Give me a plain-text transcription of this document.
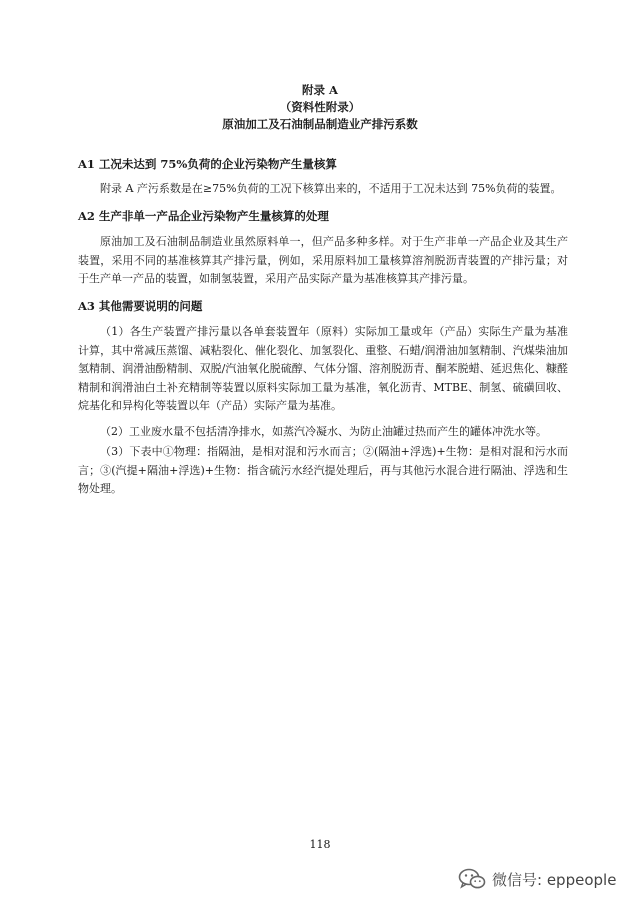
附录 A
（资料性附录）
原油加工及石油制品制造业产排污系数
A1 工况未达到 75%负荷的企业污染物产生量核算

附录 A 产污系数是在≥75%负荷的工况下核算出来的，不适用于工况未达到 75%负荷的装置。

A2 生产非单一产品企业污染物产生量核算的处理

原油加工及石油制品制造业虽然原料单一，但产品多种多样。对于生产非单一产品企业及其生产装置，采用不同的基准核算其产排污量，例如，采用原料加工量核算溶剂脱沥青装置的产排污量；对于生产单一产品的装置，如制氢装置，采用产品实际产量为基准核算其产排污量。

A3 其他需要说明的问题

（1）各生产装置产排污量以各单套装置年（原料）实际加工量或年（产品）实际生产量为基准计算，其中常减压蒸馏、减粘裂化、催化裂化、加氢裂化、重整、石蜡/润滑油加氢精制、汽煤柴油加氢精制、润滑油酚精制、双脱/汽油氧化脱硫醇、气体分馏、溶剂脱沥青、酮苯脱蜡、延迟焦化、糠醛精制和润滑油白土补充精制等装置以原料实际加工量为基准，氧化沥青、MTBE、制氢、硫磺回收、烷基化和异构化等装置以年（产品）实际产量为基准。

（2）工业废水量不包括清净排水，如蒸汽冷凝水、为防止油罐过热而产生的罐体冲洗水等。

（3）下表中①物理：指隔油，是相对混和污水而言；②(隔油+浮选)+生物：是相对混和污水而言；③(汽提+隔油+浮选)+生物：指含硫污水经汽提处理后，再与其他污水混合进行隔油、浮选和生物处理。

118
微信号: eppeople
